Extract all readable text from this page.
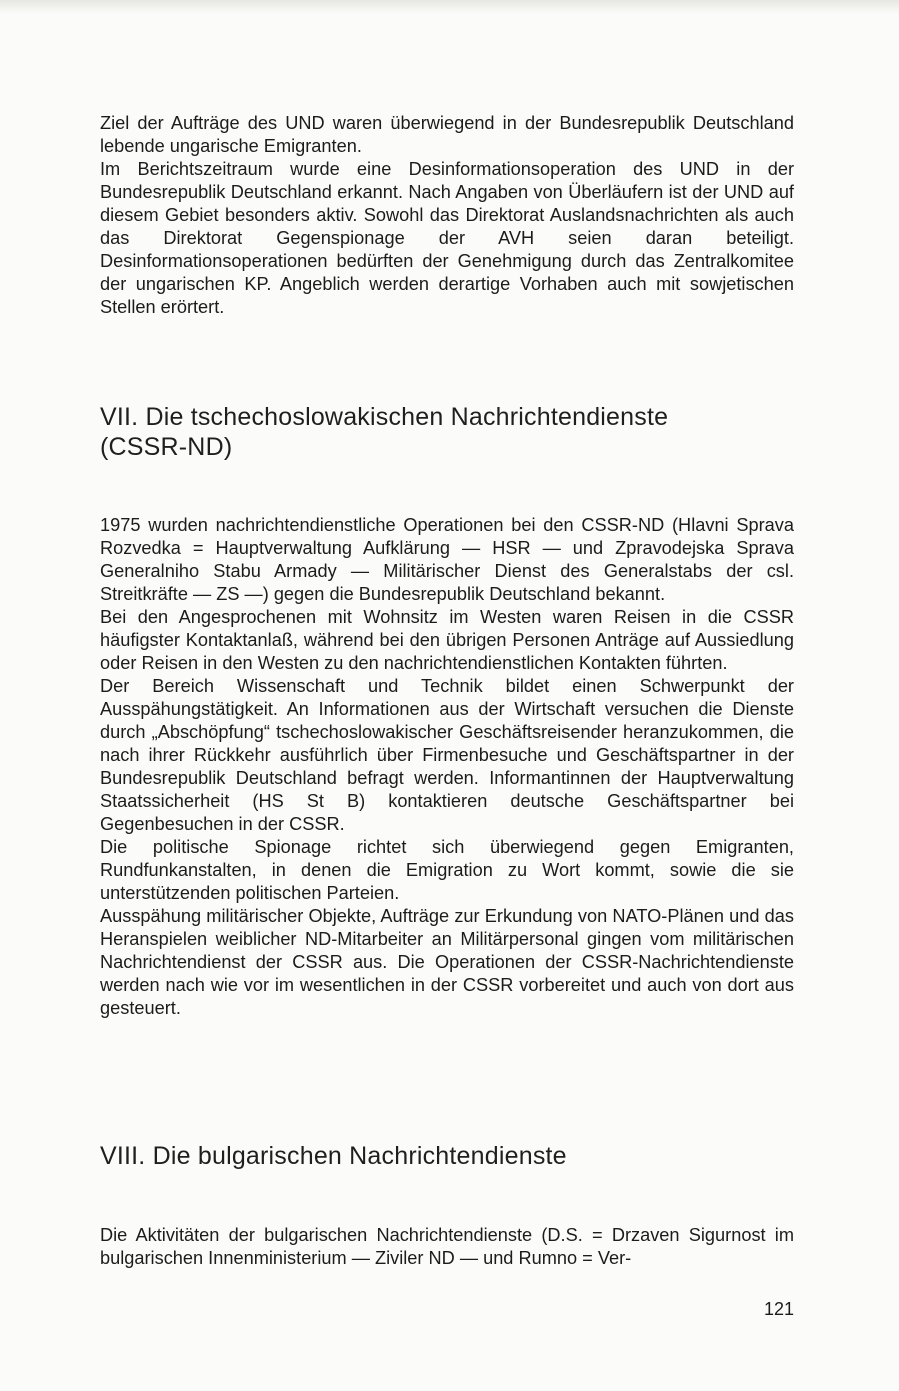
Ziel der Aufträge des UND waren überwiegend in der Bundesrepublik Deutschland lebende ungarische Emigranten.

Im Berichtszeitraum wurde eine Desinformationsoperation des UND in der Bundesrepublik Deutschland erkannt. Nach Angaben von Überläufern ist der UND auf diesem Gebiet besonders aktiv. Sowohl das Direktorat Auslandsnachrichten als auch das Direktorat Gegenspionage der AVH seien daran beteiligt. Desinformationsoperationen bedürften der Genehmigung durch das Zentralkomitee der ungarischen KP. Angeblich werden derartige Vorhaben auch mit sowjetischen Stellen erörtert.

VII. Die tschechoslowakischen Nachrichtendienste
(CSSR-ND)

1975 wurden nachrichtendienstliche Operationen bei den CSSR-ND (Hlavni Sprava Rozvedka = Hauptverwaltung Aufklärung — HSR — und Zpravodejska Sprava Generalniho Stabu Armady — Militärischer Dienst des Generalstabs der csl. Streitkräfte — ZS —) gegen die Bundesrepublik Deutschland bekannt.

Bei den Angesprochenen mit Wohnsitz im Westen waren Reisen in die CSSR häufigster Kontaktanlaß, während bei den übrigen Personen Anträge auf Aussiedlung oder Reisen in den Westen zu den nachrichtendienstlichen Kontakten führten.

Der Bereich Wissenschaft und Technik bildet einen Schwerpunkt der Ausspähungstätigkeit. An Informationen aus der Wirtschaft versuchen die Dienste durch „Abschöpfung“ tschechoslowakischer Geschäftsreisender heranzukommen, die nach ihrer Rückkehr ausführlich über Firmenbesuche und Geschäftspartner in der Bundesrepublik Deutschland befragt werden. Informantinnen der Hauptverwaltung Staatssicherheit (HS St B) kontaktieren deutsche Geschäftspartner bei Gegenbesuchen in der CSSR.

Die politische Spionage richtet sich überwiegend gegen Emigranten, Rundfunkanstalten, in denen die Emigration zu Wort kommt, sowie die sie unterstützenden politischen Parteien.

Ausspähung militärischer Objekte, Aufträge zur Erkundung von NATO-Plänen und das Heranspielen weiblicher ND-Mitarbeiter an Militärpersonal gingen vom militärischen Nachrichtendienst der CSSR aus. Die Operationen der CSSR-Nachrichtendienste werden nach wie vor im wesentlichen in der CSSR vorbereitet und auch von dort aus gesteuert.

VIII. Die bulgarischen Nachrichtendienste

Die Aktivitäten der bulgarischen Nachrichtendienste (D.S. = Drzaven Sigurnost im bulgarischen Innenministerium — Ziviler ND — und Rumno = Ver-

121
